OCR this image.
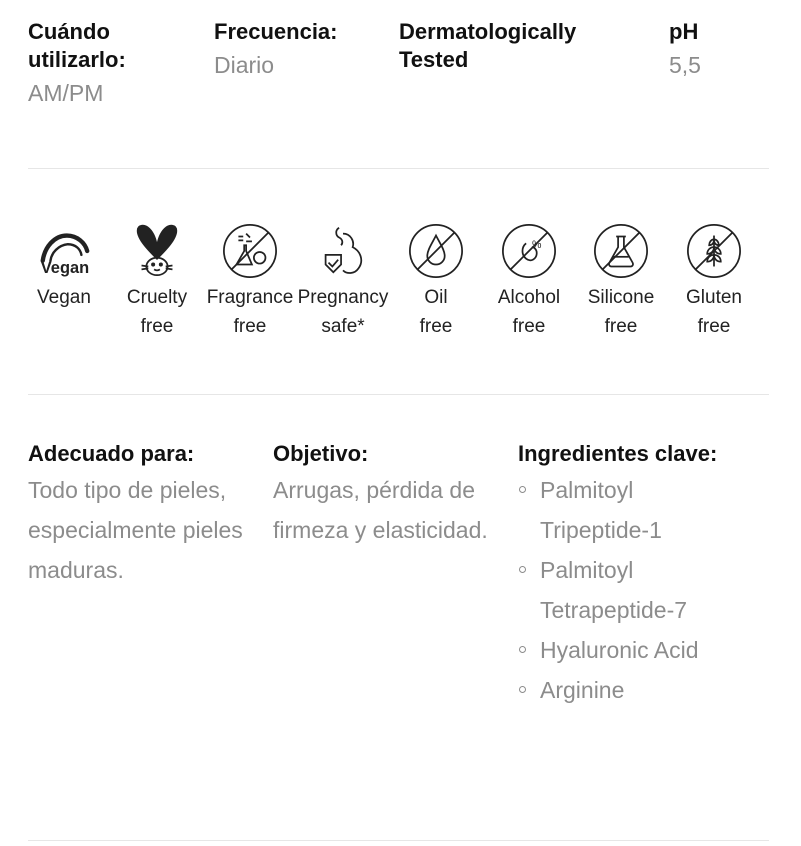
Cuándo utilizarlo:
AM/PM
Frecuencia:
Diario
Dermatologically Tested
pH
5,5
Vegan
Vegan	Cruelty
free
Fragrance
free
Pregnancy
safe*
Oil
free
%
Alcohol
free
Silicone
free
Gluten
free
Adecuado para:
Todo tipo de pieles, especialmente pieles maduras.
Objetivo:
Arrugas, pérdida de firmeza y elasticidad.
Ingredientes clave:
Palmitoyl Tripeptide-1
Palmitoyl Tetrapeptide-7
Hyaluronic Acid
Arginine
